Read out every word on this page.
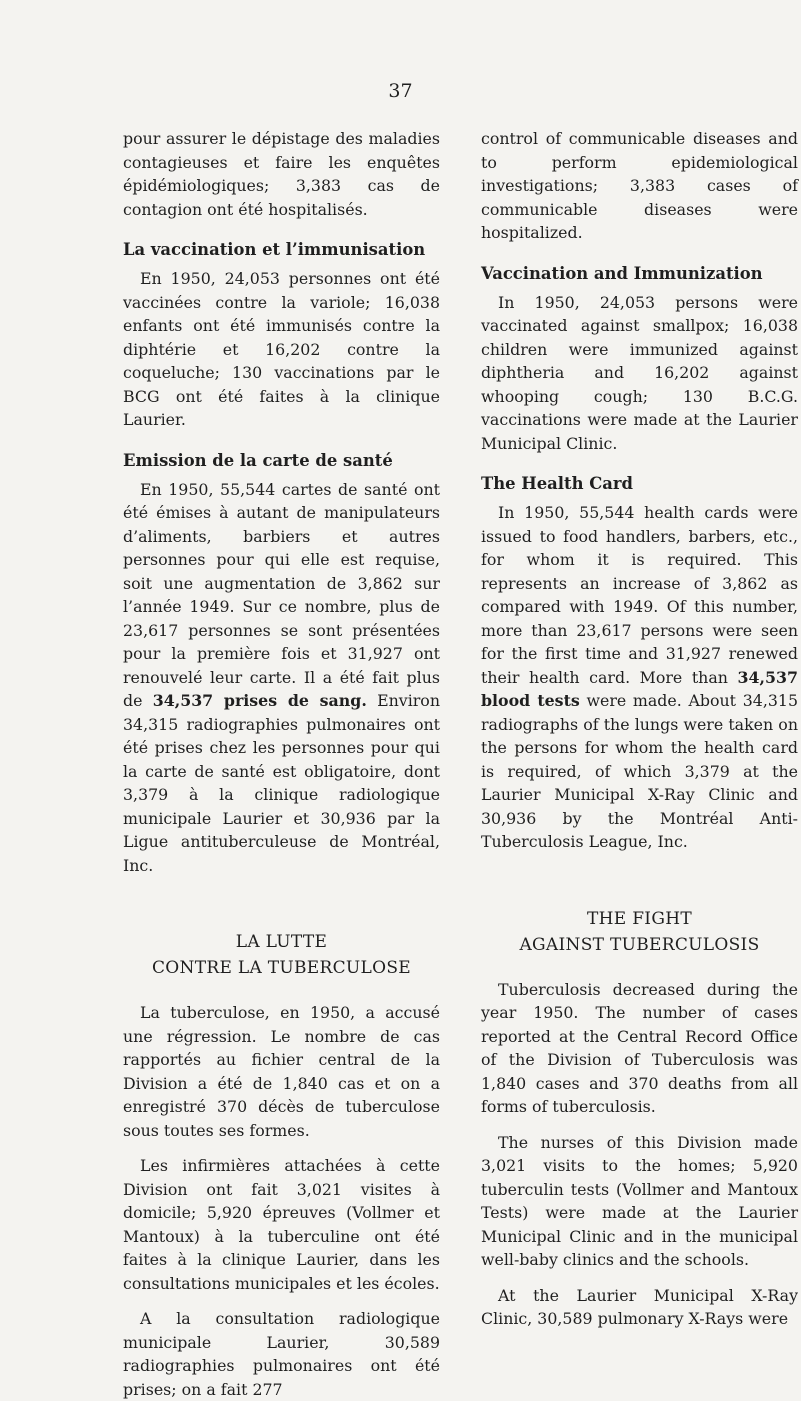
37

pour assurer le dépistage des maladies contagieuses et faire les enquêtes épidémiologiques; 3,383 cas de contagion ont été hospitalisés.

La vaccination et l’immunisation

En 1950, 24,053 personnes ont été vaccinées contre la variole; 16,038 enfants ont été immunisés contre la diphtérie et 16,202 contre la coqueluche; 130 vaccinations par le BCG ont été faites à la clinique Laurier.

Emission de la carte de santé

En 1950, 55,544 cartes de santé ont été émises à autant de manipulateurs d’aliments, barbiers et autres personnes pour qui elle est requise, soit une augmentation de 3,862 sur l’année 1949. Sur ce nombre, plus de 23,617 personnes se sont présentées pour la première fois et 31,927 ont renouvelé leur carte. Il a été fait plus de 34,537 prises de sang. Environ 34,315 radiographies pulmonaires ont été prises chez les personnes pour qui la carte de santé est obligatoire, dont 3,379 à la clinique radiologique municipale Laurier et 30,936 par la Ligue antituberculeuse de Montréal, Inc.

LA LUTTE
CONTRE LA TUBERCULOSE

La tuberculose, en 1950, a accusé une régression. Le nombre de cas rapportés au fichier central de la Division a été de 1,840 cas et on a enregistré 370 décès de tuberculose sous toutes ses formes.

Les infirmières attachées à cette Division ont fait 3,021 visites à domicile; 5,920 épreuves (Vollmer et Mantoux) à la tuberculine ont été faites à la clinique Laurier, dans les consultations municipales et les écoles.

A la consultation radiologique municipale Laurier, 30,589 radiographies pulmonaires ont été prises; on a fait 277

control of communicable diseases and to perform epidemiological investigations; 3,383 cases of communicable diseases were hospitalized.

Vaccination and Immunization

In 1950, 24,053 persons were vaccinated against smallpox; 16,038 children were immunized against diphtheria and 16,202 against whooping cough; 130 B.C.G. vaccinations were made at the Laurier Municipal Clinic.

The Health Card

In 1950, 55,544 health cards were issued to food handlers, barbers, etc., for whom it is required. This represents an increase of 3,862 as compared with 1949. Of this number, more than 23,617 persons were seen for the first time and 31,927 renewed their health card. More than 34,537 blood tests were made. About 34,315 radiographs of the lungs were taken on the persons for whom the health card is required, of which 3,379 at the Laurier Municipal X-Ray Clinic and 30,936 by the Montréal Anti-Tuberculosis League, Inc.

THE FIGHT
AGAINST TUBERCULOSIS

Tuberculosis decreased during the year 1950. The number of cases reported at the Central Record Office of the Division of Tuberculosis was 1,840 cases and 370 deaths from all forms of tuberculosis.

The nurses of this Division made 3,021 visits to the homes; 5,920 tuberculin tests (Vollmer and Mantoux Tests) were made at the Laurier Municipal Clinic and in the municipal well-baby clinics and the schools.

At the Laurier Municipal X-Ray Clinic, 30,589 pulmonary X-Rays were
